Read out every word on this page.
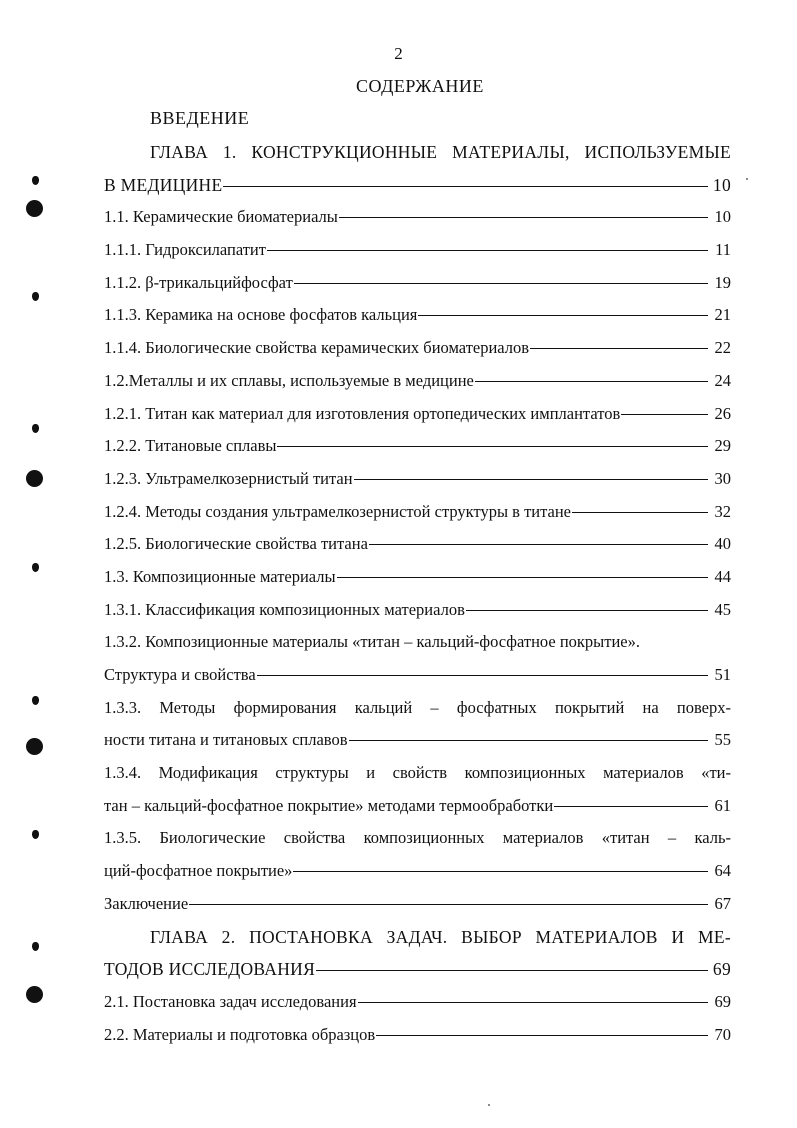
2
СОДЕРЖАНИЕ
ВВЕДЕНИЕ
ГЛАВА 1. КОНСТРУКЦИОННЫЕ МАТЕРИАЛЫ, ИСПОЛЬЗУЕМЫЕ
В МЕДИЦИНЕ	10
1.1. Керамические биоматериалы	10
1.1.1. Гидроксилапатит	11
1.1.2. β-трикальцийфосфат	19
1.1.3. Керамика на основе фосфатов кальция	21
1.1.4. Биологические свойства керамических биоматериалов	22
1.2.Металлы и их сплавы, используемые в медицине	24
1.2.1. Титан как материал для изготовления ортопедических имплантатов	26
1.2.2. Титановые сплавы	29
1.2.3. Ультрамелкозернистый титан	30
1.2.4. Методы создания ультрамелкозернистой структуры в титане	32
1.2.5. Биологические свойства титана	40
1.3. Композиционные материалы	44
1.3.1. Классификация композиционных материалов	45
1.3.2. Композиционные материалы «титан – кальций-фосфатное покрытие».
Структура и свойства	51
1.3.3. Методы формирования кальций – фосфатных покрытий на поверх-
ности титана и титановых сплавов	55
1.3.4. Модификация структуры и свойств композиционных материалов «ти-
тан – кальций-фосфатное покрытие» методами термообработки	61
1.3.5. Биологические свойства композиционных материалов «титан – каль-
ций-фосфатное покрытие»	64
Заключение	67
ГЛАВА 2. ПОСТАНОВКА ЗАДАЧ. ВЫБОР МАТЕРИАЛОВ И МЕ-
ТОДОВ ИССЛЕДОВАНИЯ	69
2.1. Постановка задач исследования	69
2.2. Материалы и подготовка образцов	70
